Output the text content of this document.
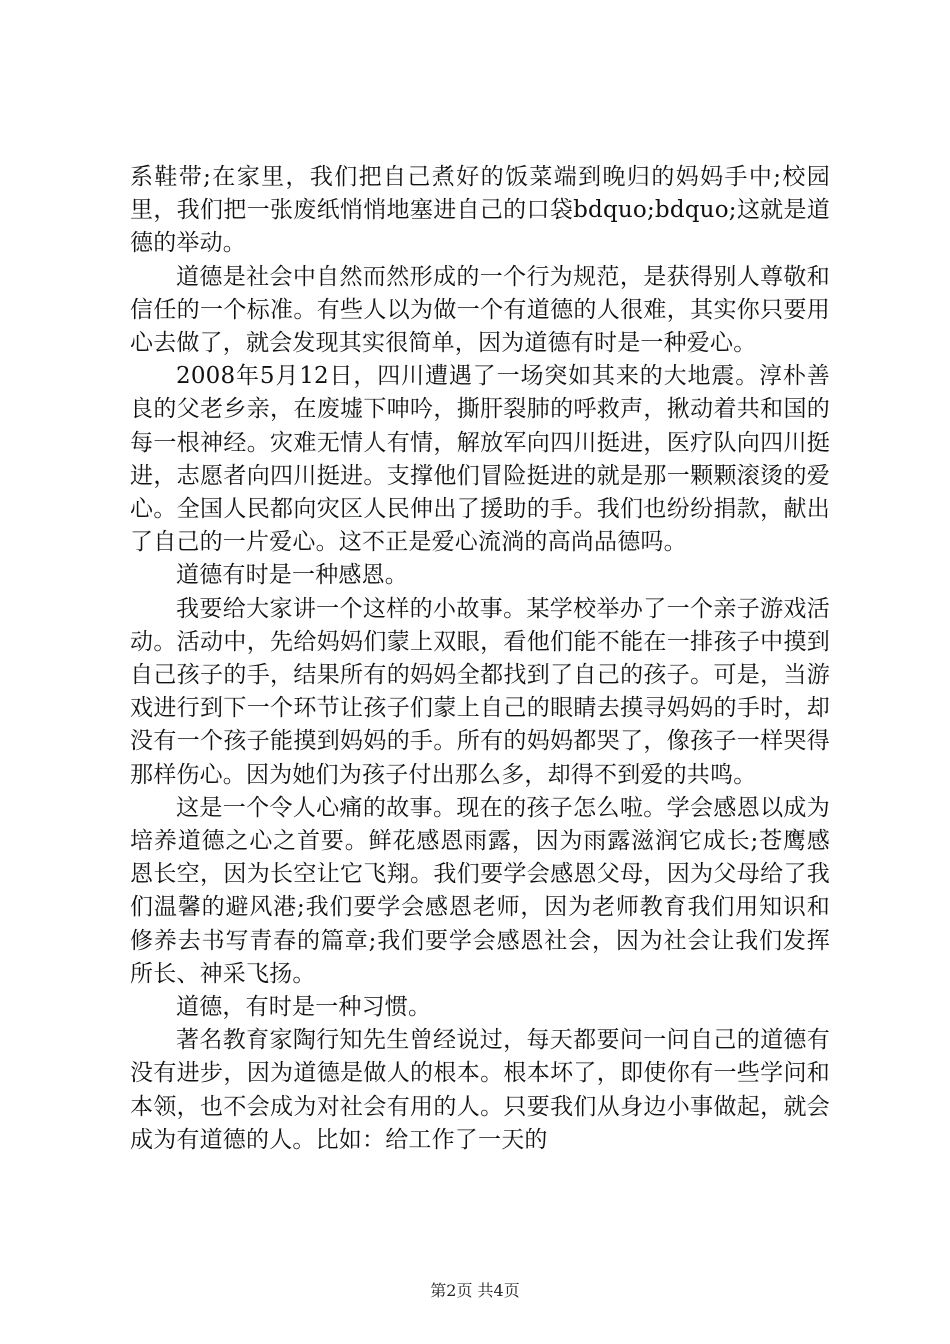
系鞋带;在家里，我们把自己煮好的饭菜端到晚归的妈妈手中;校园里，我们把一张废纸悄悄地塞进自己的口袋bdquo;bdquo;这就是道德的举动。

道德是社会中自然而然形成的一个行为规范，是获得别人尊敬和信任的一个标准。有些人以为做一个有道德的人很难，其实你只要用心去做了，就会发现其实很简单，因为道德有时是一种爱心。

2008年5月12日，四川遭遇了一场突如其来的大地震。淳朴善良的父老乡亲，在废墟下呻吟，撕肝裂肺的呼救声，揪动着共和国的每一根神经。灾难无情人有情，解放军向四川挺进，医疗队向四川挺进，志愿者向四川挺进。支撑他们冒险挺进的就是那一颗颗滚烫的爱心。全国人民都向灾区人民伸出了援助的手。我们也纷纷捐款，献出了自己的一片爱心。这不正是爱心流淌的高尚品德吗。

道德有时是一种感恩。

我要给大家讲一个这样的小故事。某学校举办了一个亲子游戏活动。活动中，先给妈妈们蒙上双眼，看他们能不能在一排孩子中摸到自己孩子的手，结果所有的妈妈全都找到了自己的孩子。可是，当游戏进行到下一个环节让孩子们蒙上自己的眼睛去摸寻妈妈的手时，却没有一个孩子能摸到妈妈的手。所有的妈妈都哭了，像孩子一样哭得那样伤心。因为她们为孩子付出那么多，却得不到爱的共鸣。

这是一个令人心痛的故事。现在的孩子怎么啦。学会感恩以成为培养道德之心之首要。鲜花感恩雨露，因为雨露滋润它成长;苍鹰感恩长空，因为长空让它飞翔。我们要学会感恩父母，因为父母给了我们温馨的避风港;我们要学会感恩老师，因为老师教育我们用知识和修养去书写青春的篇章;我们要学会感恩社会，因为社会让我们发挥所长、神采飞扬。

道德，有时是一种习惯。

著名教育家陶行知先生曾经说过，每天都要问一问自己的道德有没有进步，因为道德是做人的根本。根本坏了，即使你有一些学问和本领，也不会成为对社会有用的人。只要我们从身边小事做起，就会成为有道德的人。比如：给工作了一天的

第2页 共4页
